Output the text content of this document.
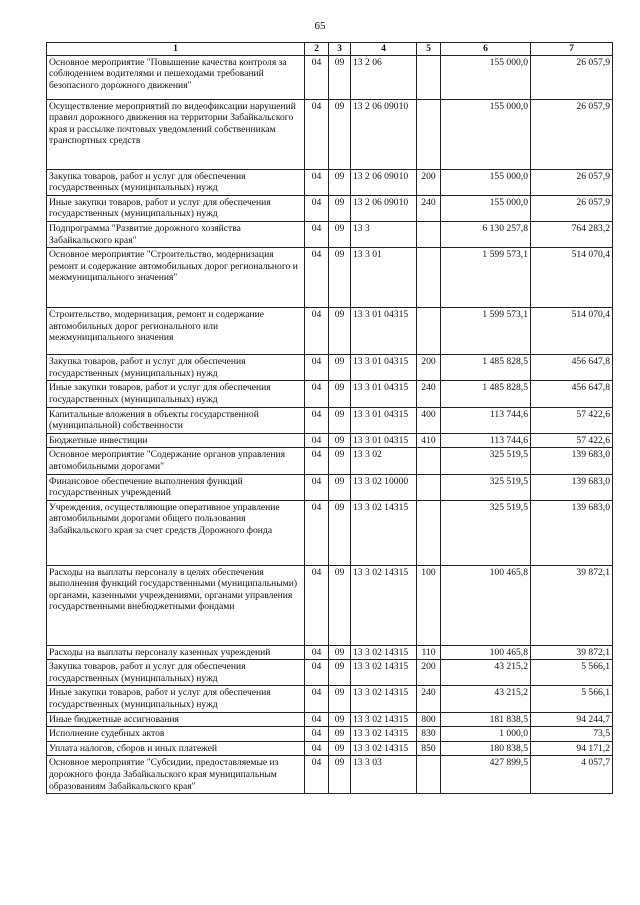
65
1	2	3	4	5	6	7
Основное мероприятие "Повышение качества контроля за соблюдением водителями и пешеходами требований безопасного дорожного движения"	04	09	13 2 06		155 000,0	26 057,9
Осуществление мероприятий по видеофиксации нарушений правил дорожного движения на территории Забайкальского края и рассылке почтовых уведомлений собственникам транспортных средств	04	09	13 2 06 09010		155 000,0	26 057,9
Закупка товаров, работ и услуг для обеспечения государственных (муниципальных) нужд	04	09	13 2 06 09010	200	155 000,0	26 057,9
Иные закупки товаров, работ и услуг для обеспечения государственных (муниципальных) нужд	04	09	13 2 06 09010	240	155 000,0	26 057,9
Подпрограмма "Развитие дорожного хозяйства Забайкальского края"	04	09	13 3		6 130 257,8	764 283,2
Основное мероприятие "Строительство, модернизация ремонт и содержание автомобильных дорог регионального и межмуниципального значения"	04	09	13 3 01		1 599 573,1	514 070,4
Строительство, модернизация, ремонт и содержание автомобильных дорог регионального или межмуниципального значения	04	09	13 3 01 04315		1 599 573,1	514 070,4
Закупка товаров, работ и услуг для обеспечения государственных (муниципальных) нужд	04	09	13 3 01 04315	200	1 485 828,5	456 647,8
Иные закупки товаров, работ и услуг для обеспечения государственных (муниципальных) нужд	04	09	13 3 01 04315	240	1 485 828,5	456 647,8
Капитальные вложения в объекты государственной (муниципальной) собственности	04	09	13 3 01 04315	400	113 744,6	57 422,6
Бюджетные инвестиции	04	09	13 3 01 04315	410	113 744,6	57 422,6
Основное мероприятие "Содержание органов управления автомобильными дорогами"	04	09	13 3 02		325 519,5	139 683,0
Финансовое обеспечение выполнения функций государственных учреждений	04	09	13 3 02 10000		325 519,5	139 683,0
Учреждения, осуществляющие оперативное управление автомобильными дорогами общего пользования Забайкальского края за счет средств Дорожного фонда	04	09	13 3 02 14315		325 519,5	139 683,0
Расходы на выплаты персоналу в целях обеспечения выполнения функций государственными (муниципальными) органами, казенными учреждениями, органами управления государственными внебюджетными фондами	04	09	13 3 02 14315	100	100 465,8	39 872,1
Расходы на выплаты персоналу казенных учреждений	04	09	13 3 02 14315	110	100 465,8	39 872,1
Закупка товаров, работ и услуг для обеспечения государственных (муниципальных) нужд	04	09	13 3 02 14315	200	43 215,2	5 566,1
Иные закупки товаров, работ и услуг для обеспечения государственных (муниципальных) нужд	04	09	13 3 02 14315	240	43 215,2	5 566,1
Иные бюджетные ассигнования	04	09	13 3 02 14315	800	181 838,5	94 244,7
Исполнение судебных актов	04	09	13 3 02 14315	830	1 000,0	73,5
Уплата налогов, сборов и иных платежей	04	09	13 3 02 14315	850	180 838,5	94 171,2
Основное мероприятие "Субсидии, предоставляемые из дорожного фонда Забайкальского края муниципальным образованиям Забайкальского края"	04	09	13 3 03		427 899,5	4 057,7
